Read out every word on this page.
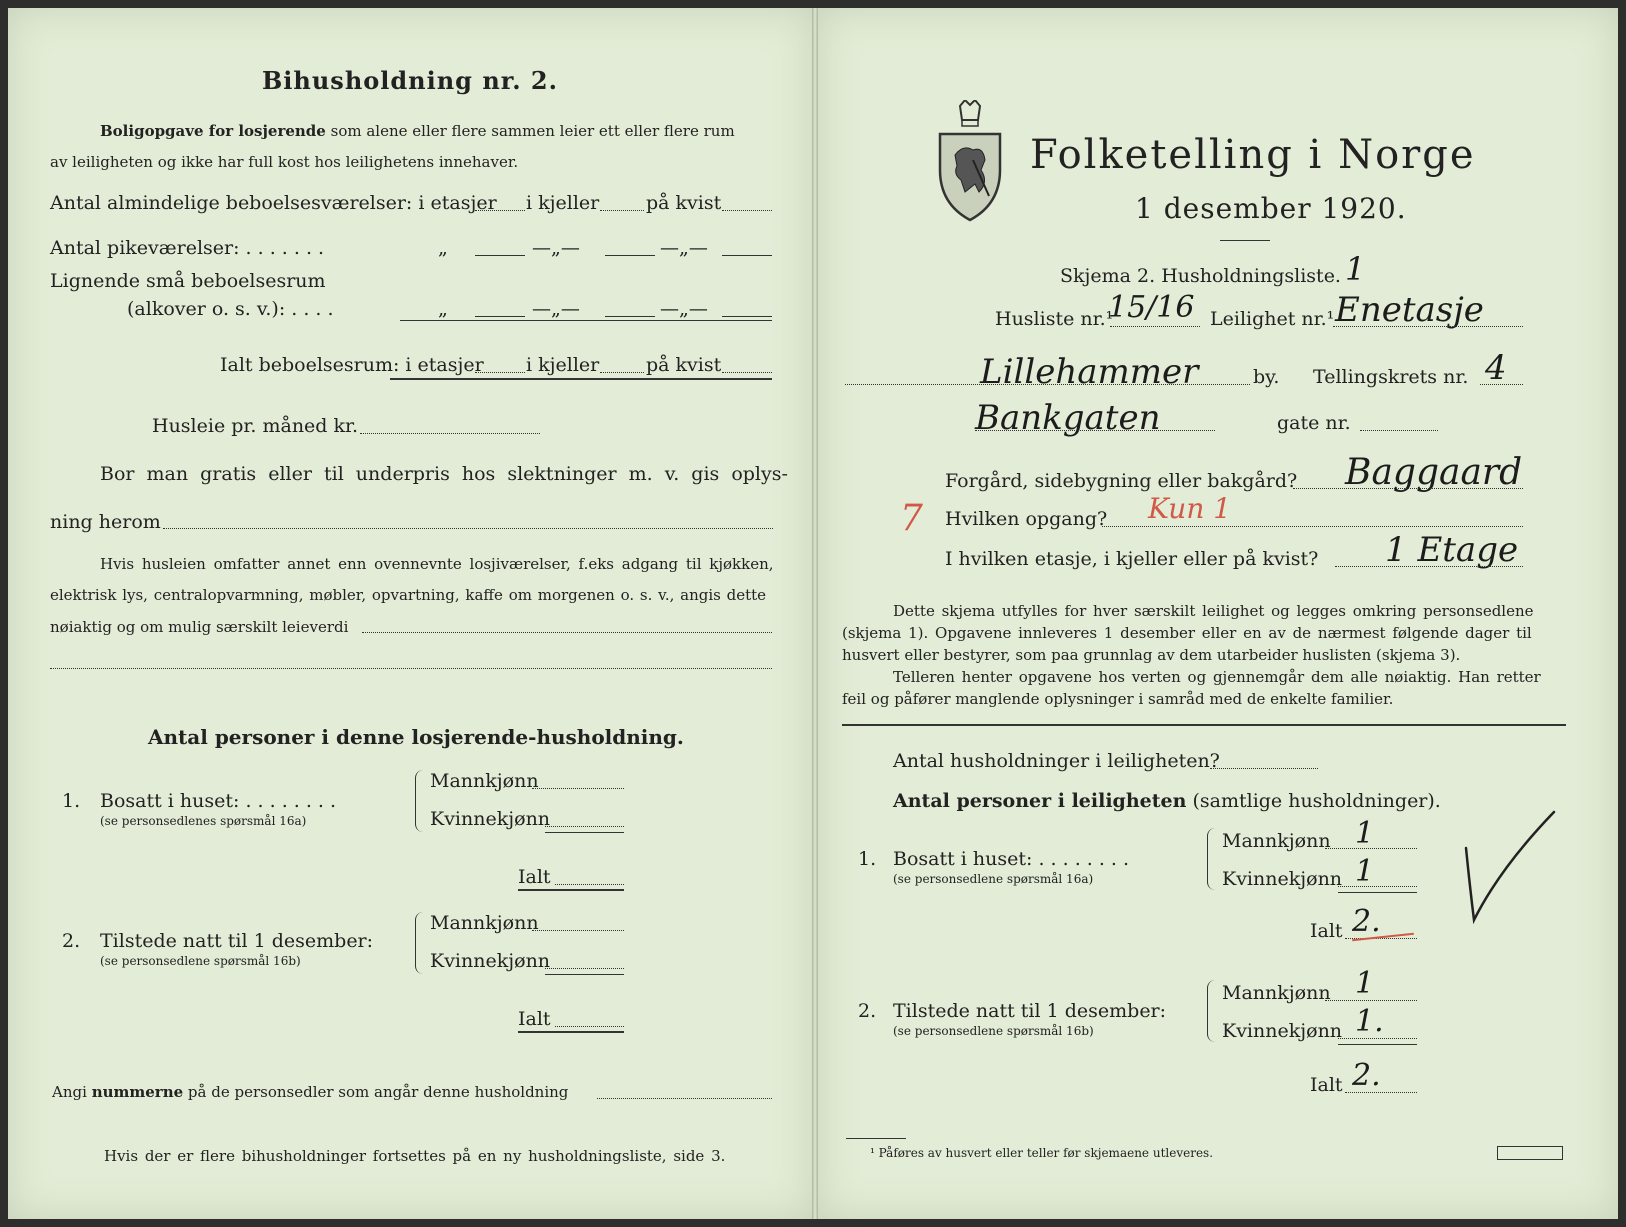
Bihusholdning nr. 2.
Boligopgave for losjerende som alene eller flere sammen leier ett eller flere rum
av leiligheten og ikke har full kost hos leilighetens innehaver.
Antal almindelige beboelsesværelser: i etasjer i kjeller på kvist
Antal pikeværelser: . . . . . . .	„	—„—	—„—
Lignende små beboelsesrum
(alkover o. s. v.): . . . .	„	—„—	—„—
Ialt beboelsesrum: i etasjer i kjeller på kvist
Husleie pr. måned kr.
Bor man gratis eller til underpris hos slektninger m. v. gis oplys-
ning herom
Hvis husleien omfatter annet enn ovennevnte losjiværelser, f.eks adgang til kjøkken,
elektrisk lys, centralopvarmning, møbler, opvartning, kaffe om morgenen o. s. v., angis dette
nøiaktig og om mulig særskilt leieverdi
Antal personer i denne losjerende-husholdning.
1. Bosatt i huset: . . . . . . . .
(se personsedlenes spørsmål 16a)
Mannkjønn
Kvinnekjønn
Ialt
2. Tilstede natt til 1 desember:
(se personsedlene spørsmål 16b)
Mannkjønn
Kvinnekjønn
Ialt
Angi nummerne på de personsedler som angår denne husholdning
Hvis der er flere bihusholdninger fortsettes på en ny husholdningsliste, side 3.
Folketelling i Norge
1 desember 1920.
Skjema 2. Husholdningsliste. 1
Husliste nr.¹
15/16 Leilighet nr.¹ Enetasje
Lillehammer	by. Tellingskrets nr. 4
Bankgaten	gate nr.
Forgård, sidebygning eller bakgård? Baggaard
Hvilken opgang? Kun 1
7
I hvilken etasje, i kjeller eller på kvist? 1 Etage
Dette skjema utfylles for hver særskilt leilighet og legges omkring personsedlene
(skjema 1). Opgavene innleveres 1 desember eller en av de nærmest følgende dager til
husvert eller bestyrer, som paa grunnlag av dem utarbeider huslisten (skjema 3).
Telleren henter opgavene hos verten og gjennemgår dem alle nøiaktig. Han retter
feil og påfører manglende oplysninger i samråd med de enkelte familier.
Antal husholdninger i leiligheten?
Antal personer i leiligheten (samtlige husholdninger).
1. Bosatt i huset: . . . . . . . .
(se personsedlene spørsmål 16a)
Mannkjønn 1
Kvinnekjønn 1
Ialt 2.
2. Tilstede natt til 1 desember:
(se personsedlene spørsmål 16b)
Mannkjønn 1
Kvinnekjønn 1.
Ialt 2.
¹ Påføres av husvert eller teller før skjemaene utleveres.
